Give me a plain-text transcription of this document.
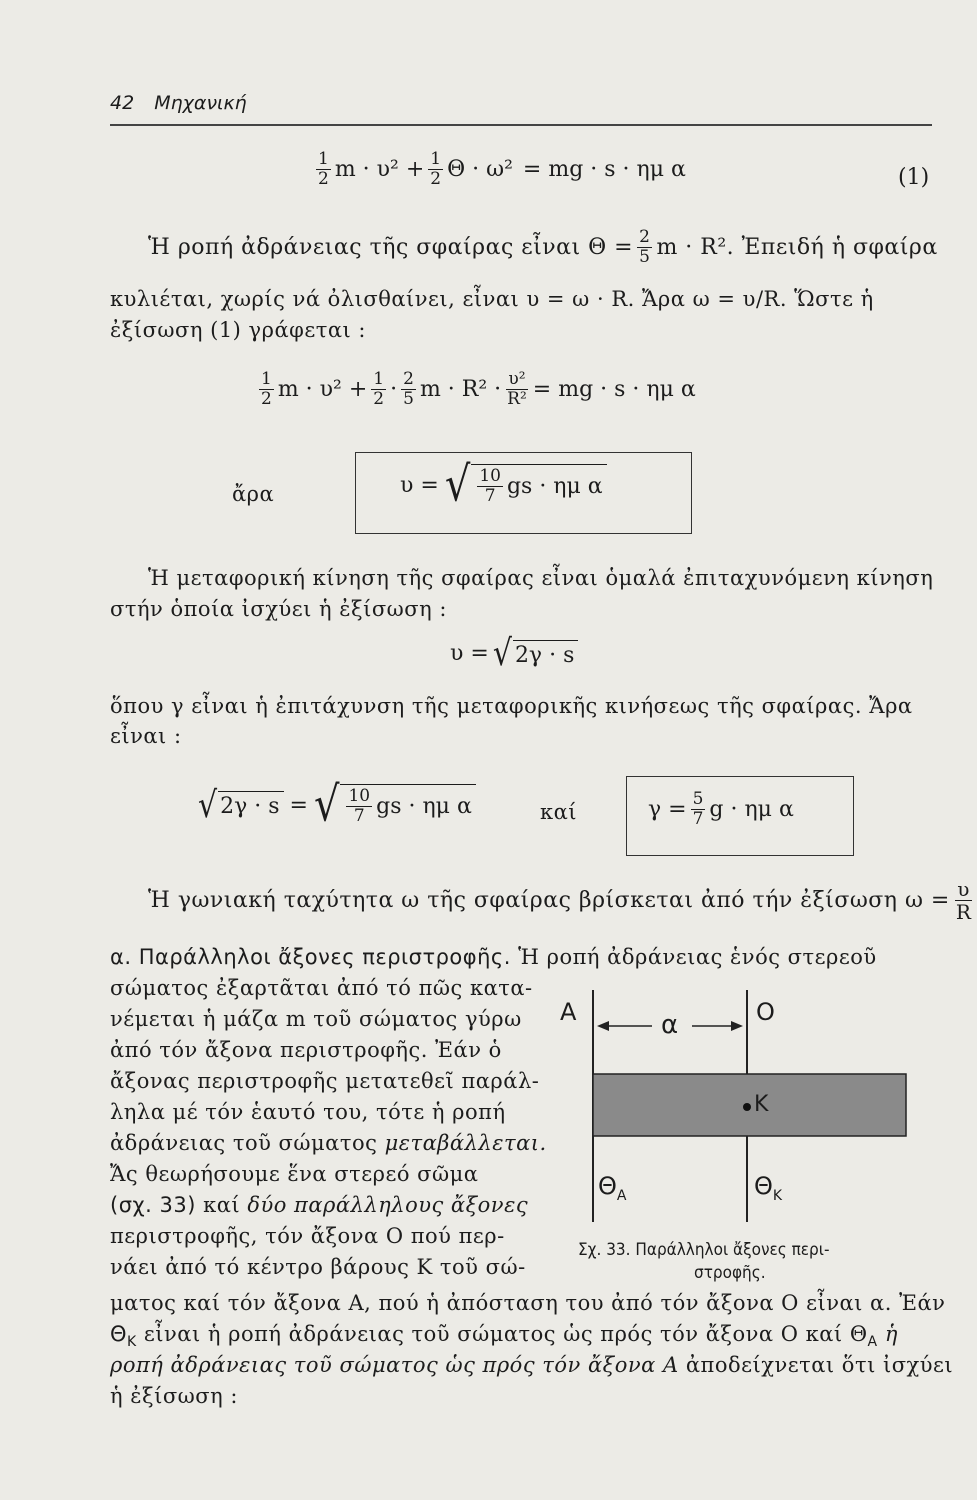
42 Μηχανική
$\frac{1}{2}$ $m \cdot \upsilon^2 + \frac{1}{2}$ Θ · ω² = mg · s · ημ α	(1)
Ἡ ροπή ἀδράνειας τῆς σφαίρας εἶναι $\Theta = \frac{2}{5}$ m · R². Ἐπειδή ἡ σφαίρα
κυλιέται, χωρίς νά ὀλισθαίνει, εἶναι υ = ω · R. Ἄρα ω = υ/R. Ὥστε ἡ
ἐξίσωση (1) γράφεται :
$\frac{1}{2}$ $m \cdot \upsilon^2 + \frac{1}{2} \cdot \frac{2}{5}$ $m \cdot R^2 \cdot \frac{\text{υ²}}{\text{R²}}$ = mg · s · ημ α
ἄρα	υ = √ $\frac{10}{7}$ gs · ημ α
Ἡ μεταφορική κίνηση τῆς σφαίρας εἶναι ὁμαλά ἐπιταχυνόμενη κίνηση
στήν ὁποία ἰσχύει ἡ ἐξίσωση :
υ = √ 2γ · s
ὅπου γ εἶναι ἡ ἐπιτάχυνση τῆς μεταφορικῆς κινήσεως τῆς σφαίρας. Ἄρα
εἶναι :
√ 2γ · s = √ $\frac{10}{7}$ gs · ημ α	καί	$\gamma = \frac{5}{7}$ g · ημ α
Ἡ γωνιακή ταχύτητα ω τῆς σφαίρας βρίσκεται ἀπό τήν ἐξίσωση $\omega = \frac{\upsilon}{R}$
α. Παράλληλοι ἄξονες περιστροφῆς. Ἡ ροπή ἀδράνειας ἑνός στερεοῦ
σώματος ἐξαρτᾶται ἀπό τό πῶς κατα-
νέμεται ἡ μάζα m τοῦ σώματος γύρω
ἀπό τόν ἄξονα περιστροφῆς. Ἐάν ὁ
ἄξονας περιστροφῆς μετατεθεῖ παράλ-
ληλα μέ τόν ἑαυτό του, τότε ἡ ροπή
ἀδράνειας τοῦ σώματος μεταβάλλεται.
Ἄς θεωρήσουμε ἕνα στερεό σῶμα
(σχ. 33) καί δύο παράλληλους ἄξονες
περιστροφῆς, τόν ἄξονα Ο πού περ-
νάει ἀπό τό κέντρο βάρους Κ τοῦ σώ-
ματος καί τόν ἄξονα Α, πού ἡ ἀπόσταση του ἀπό τόν ἄξονα Ο εἶναι α. Ἐάν
$\Theta_K$ εἶναι ἡ ροπή ἀδράνειας τοῦ σώματος ὡς πρός τόν ἄξονα Ο καί $\Theta_A$ ἡ
ροπή ἀδράνειας τοῦ σώματος ὡς πρός τόν ἄξονα Α ἀποδείχνεται ὅτι ἰσχύει
ἡ ἐξίσωση :
A	O
α
K
$\Theta_A$	$\Theta_K$
Σχ. 33. Παράλληλοι ἄξονες περι-
στροφῆς.
